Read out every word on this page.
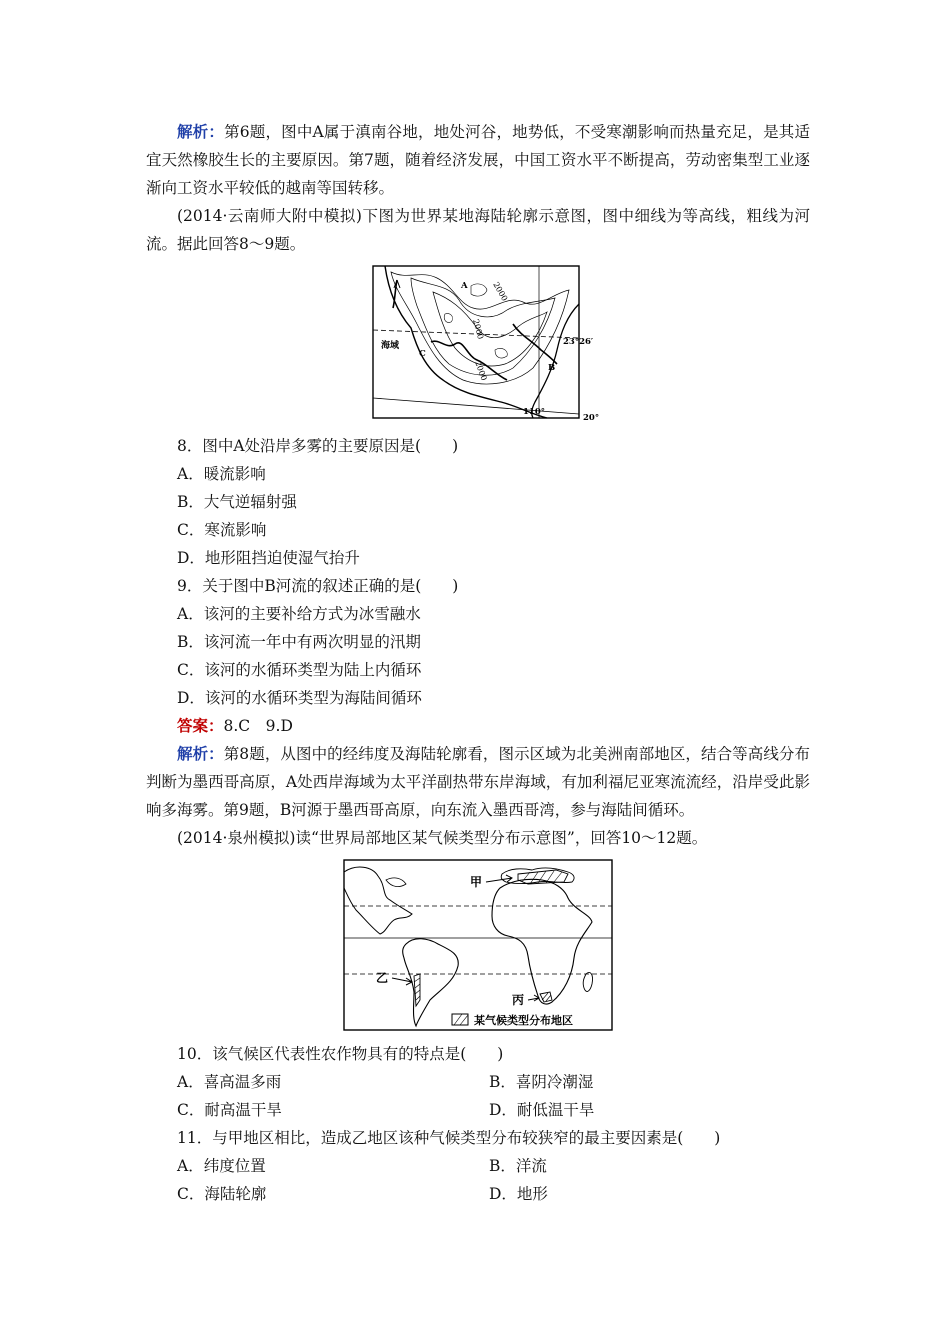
解析：第6题，图中A属于滇南谷地，地处河谷，地势低，不受寒潮影响而热量充足，是其适宜天然橡胶生长的主要原因。第7题，随着经济发展，中国工资水平不断提高，劳动密集型工业逐渐向工资水平较低的越南等国转移。

(2014·云南师大附中模拟)下图为世界某地海陆轮廓示意图，图中细线为等高线，粗线为河流。据此回答8～9题。

海域
C
A
B
23°26′
110°
20°
2000
2000
2000

8．图中A处沿岸多雾的主要原因是(　　)

A．暖流影响

B．大气逆辐射强

C．寒流影响

D．地形阻挡迫使湿气抬升

9．关于图中B河流的叙述正确的是(　　)

A．该河的主要补给方式为冰雪融水

B．该河流一年中有两次明显的汛期

C．该河的水循环类型为陆上内循环

D．该河的水循环类型为海陆间循环

答案：8.C　9.D

解析：第8题，从图中的经纬度及海陆轮廓看，图示区域为北美洲南部地区，结合等高线分布判断为墨西哥高原，A处西岸海域为太平洋副热带东岸海域，有加利福尼亚寒流流经，沿岸受此影响多海雾。第9题，B河源于墨西哥高原，向东流入墨西哥湾，参与海陆间循环。

(2014·泉州模拟)读“世界局部地区某气候类型分布示意图”，回答10～12题。

甲
乙
丙
某气候类型分布地区

10．该气候区代表性农作物具有的特点是(　　)

A．喜高温多雨	B．喜阴冷潮湿

C．耐高温干旱	D．耐低温干旱

11．与甲地区相比，造成乙地区该种气候类型分布较狭窄的最主要因素是(　　)

A．纬度位置	B．洋流

C．海陆轮廓	D．地形
